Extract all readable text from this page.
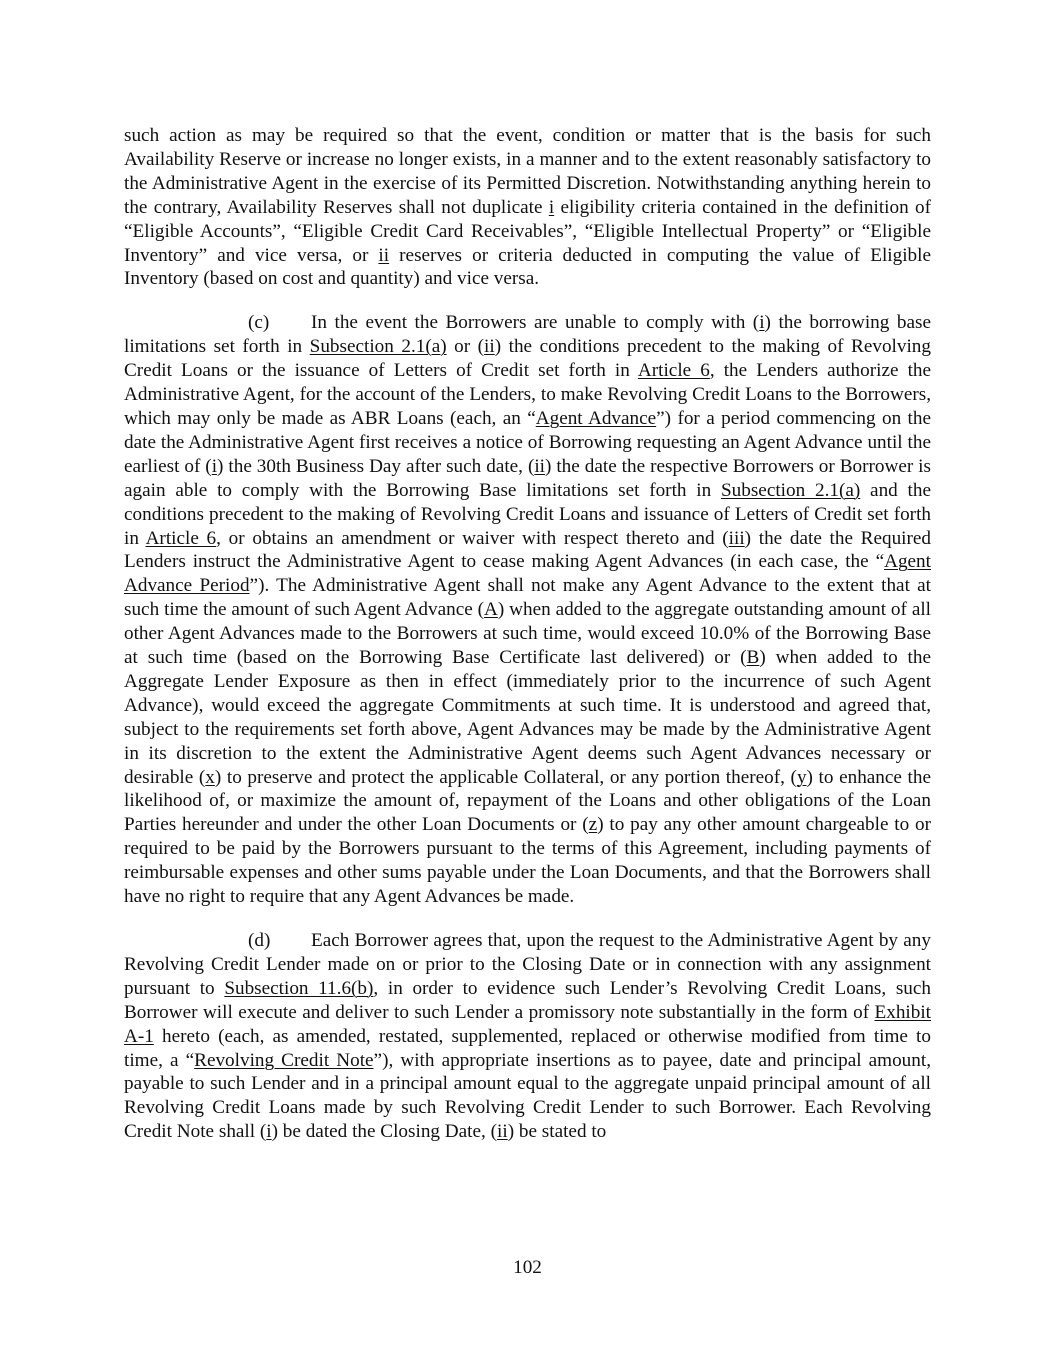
such action as may be required so that the event, condition or matter that is the basis for such Availability Reserve or increase no longer exists, in a manner and to the extent reasonably satisfactory to the Administrative Agent in the exercise of its Permitted Discretion. Notwithstanding anything herein to the contrary, Availability Reserves shall not duplicate i eligibility criteria contained in the definition of “Eligible Accounts”, “Eligible Credit Card Receivables”, “Eligible Intellectual Property” or “Eligible Inventory” and vice versa, or ii reserves or criteria deducted in computing the value of Eligible Inventory (based on cost and quantity) and vice versa.

(c) In the event the Borrowers are unable to comply with (i) the borrowing base limitations set forth in Subsection 2.1(a) or (ii) the conditions precedent to the making of Revolving Credit Loans or the issuance of Letters of Credit set forth in Article 6, the Lenders authorize the Administrative Agent, for the account of the Lenders, to make Revolving Credit Loans to the Borrowers, which may only be made as ABR Loans (each, an “Agent Advance”) for a period commencing on the date the Administrative Agent first receives a notice of Borrowing requesting an Agent Advance until the earliest of (i) the 30th Business Day after such date, (ii) the date the respective Borrowers or Borrower is again able to comply with the Borrowing Base limitations set forth in Subsection 2.1(a) and the conditions precedent to the making of Revolving Credit Loans and issuance of Letters of Credit set forth in Article 6, or obtains an amendment or waiver with respect thereto and (iii) the date the Required Lenders instruct the Administrative Agent to cease making Agent Advances (in each case, the “Agent Advance Period”). The Administrative Agent shall not make any Agent Advance to the extent that at such time the amount of such Agent Advance (A) when added to the aggregate outstanding amount of all other Agent Advances made to the Borrowers at such time, would exceed 10.0% of the Borrowing Base at such time (based on the Borrowing Base Certificate last delivered) or (B) when added to the Aggregate Lender Exposure as then in effect (immediately prior to the incurrence of such Agent Advance), would exceed the aggregate Commitments at such time. It is understood and agreed that, subject to the requirements set forth above, Agent Advances may be made by the Administrative Agent in its discretion to the extent the Administrative Agent deems such Agent Advances necessary or desirable (x) to preserve and protect the applicable Collateral, or any portion thereof, (y) to enhance the likelihood of, or maximize the amount of, repayment of the Loans and other obligations of the Loan Parties hereunder and under the other Loan Documents or (z) to pay any other amount chargeable to or required to be paid by the Borrowers pursuant to the terms of this Agreement, including payments of reimbursable expenses and other sums payable under the Loan Documents, and that the Borrowers shall have no right to require that any Agent Advances be made.

(d) Each Borrower agrees that, upon the request to the Administrative Agent by any Revolving Credit Lender made on or prior to the Closing Date or in connection with any assignment pursuant to Subsection 11.6(b), in order to evidence such Lender’s Revolving Credit Loans, such Borrower will execute and deliver to such Lender a promissory note substantially in the form of Exhibit A-1 hereto (each, as amended, restated, supplemented, replaced or otherwise modified from time to time, a “Revolving Credit Note”), with appropriate insertions as to payee, date and principal amount, payable to such Lender and in a principal amount equal to the aggregate unpaid principal amount of all Revolving Credit Loans made by such Revolving Credit Lender to such Borrower. Each Revolving Credit Note shall (i) be dated the Closing Date, (ii) be stated to

102
